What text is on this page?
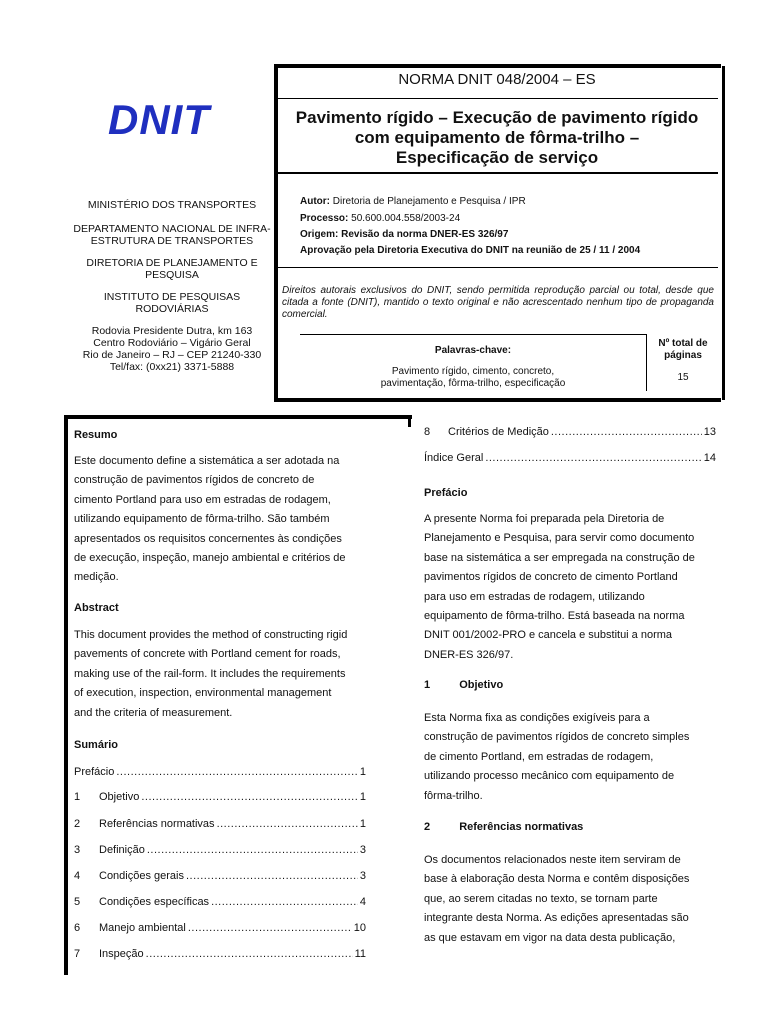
DNIT
NORMA DNIT 048/2004 – ES
Pavimento rígido – Execução de pavimento rígido
com equipamento de fôrma-trilho –
Especificação de serviço
MINISTÉRIO DOS TRANSPORTES
DEPARTAMENTO NACIONAL DE INFRA-
ESTRUTURA DE TRANSPORTES
DIRETORIA DE PLANEJAMENTO E
PESQUISA
INSTITUTO DE PESQUISAS
RODOVIÁRIAS
Rodovia Presidente Dutra, km 163
Centro Rodoviário – Vigário Geral
Rio de Janeiro – RJ – CEP 21240-330
Tel/fax: (0xx21) 3371-5888
Autor: Diretoria de Planejamento e Pesquisa / IPR
Processo: 50.600.004.558/2003-24
Origem: Revisão da norma DNER-ES 326/97
Aprovação pela Diretoria Executiva do DNIT na reunião de 25 / 11 / 2004
Direitos autorais exclusivos do DNIT, sendo permitida reprodução parcial ou total, desde que citada a fonte (DNIT), mantido o texto original e não acrescentado nenhum tipo de propaganda comercial.
Palavras-chave:
Pavimento rígido, cimento, concreto,
pavimentação, fôrma-trilho, especificação
Nº total de
páginas
15
Resumo
Este documento define a sistemática a ser adotada na
construção de pavimentos rígidos de concreto de
cimento Portland para uso em estradas de rodagem,
utilizando equipamento de fôrma-trilho. São também
apresentados os requisitos concernentes às condições
de execução, inspeção, manejo ambiental e critérios de
medição.
Abstract
This document provides the method of constructing rigid
pavements of concrete with Portland cement for roads,
making use of the rail-form. It includes the requirements
of execution, inspection, environmental management
and the criteria of measurement.
Sumário
Prefácio .....	1
1	Objetivo .....	1
2	Referências normativas .....	1
3	Definição .....	3
4	Condições gerais .....	3
5	Condições específicas .....	4
6	Manejo ambiental .....	10
7	Inspeção .....	11
8	Critérios de Medição .....	13
Índice Geral .....	14
Prefácio
A presente Norma foi preparada pela Diretoria de
Planejamento e Pesquisa, para servir como documento
base na sistemática a ser empregada na construção de
pavimentos rígidos de concreto de cimento Portland
para uso em estradas de rodagem, utilizando
equipamento de fôrma-trilho. Está baseada na norma
DNIT 001/2002-PRO e cancela e substitui a norma
DNER-ES 326/97.
1	Objetivo
Esta Norma fixa as condições exigíveis para a
construção de pavimentos rígidos de concreto simples
de cimento Portland, em estradas de rodagem,
utilizando processo mecânico com equipamento de
fôrma-trilho.
2	Referências normativas
Os documentos relacionados neste item serviram de
base à elaboração desta Norma e contêm disposições
que, ao serem citadas no texto, se tornam parte
integrante desta Norma. As edições apresentadas são
as que estavam em vigor na data desta publicação,
